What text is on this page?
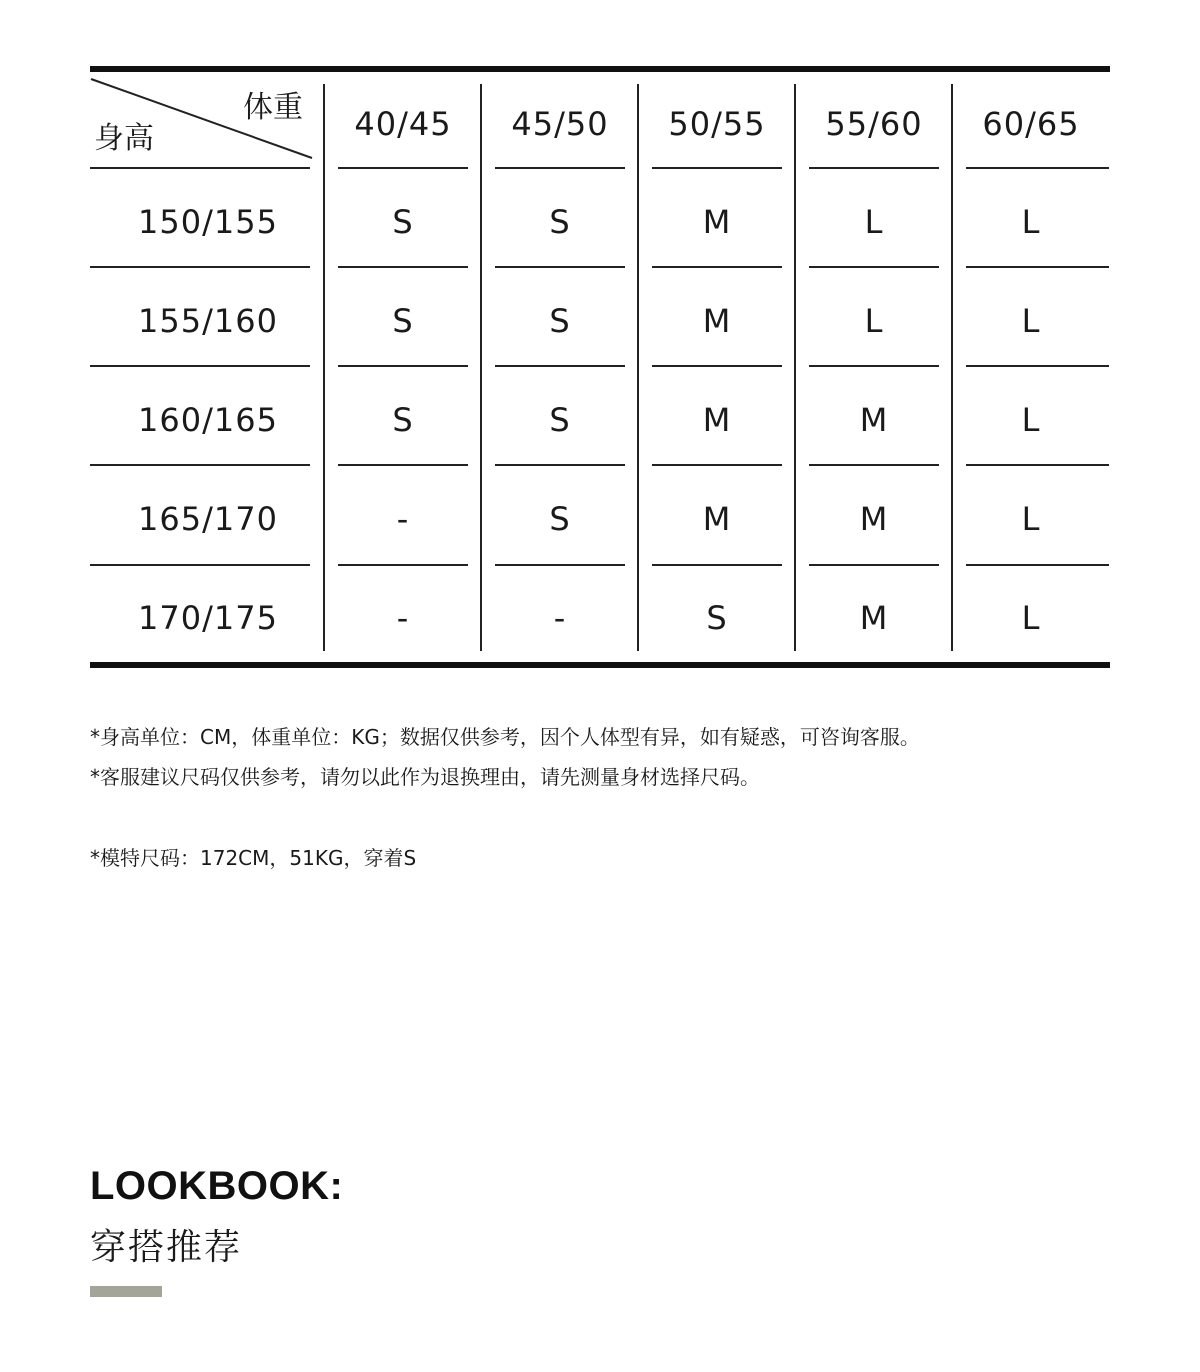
体重
身高	40/45	45/50	50/55	55/60	60/65
150/155	S	S	M	L	L
155/160	S	S	M	L	L
160/165	S	S	M	M	L
165/170	-	S	M	M	L
170/175	-	-	S	M	L
*身高单位：CM，体重单位：KG；数据仅供参考，因个人体型有异，如有疑惑，可咨询客服。
*客服建议尺码仅供参考，请勿以此作为退换理由，请先测量身材选择尺码。
*模特尺码：172CM，51KG，穿着S
LOOKBOOK:
穿搭推荐
